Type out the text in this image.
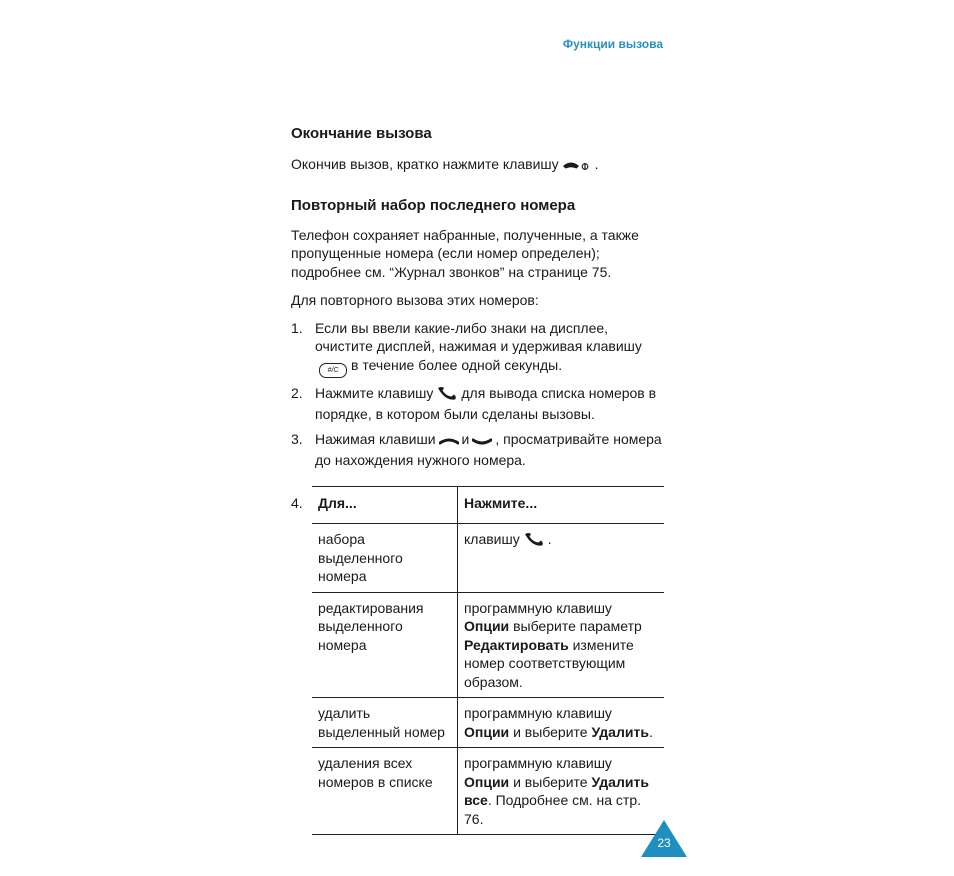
Функции вызова
Окончание вызова

Окончив вызов, кратко нажмите клавишу	.

Повторный набор последнего номера

Телефон сохраняет набранные, полученные, а также пропущенные номера (если номер определен); подробнее см. “Журнал звонков” на странице 75.

Для повторного вызова этих номеров:

1. Если вы ввели какие-либо знаки на дисплее, очистите дисплей, нажимая и удерживая клавишу#/C в течение более одной секунды.
2. Нажмите клавишу для вывода списка номеров в порядке, в котором были сделаны вызовы.
3. Нажимая клавиши и , просматривайте номера до нахождения нужного номера.
4. Для...	Нажмите...
набора выделенного номера	клавишу .
редактирования выделенного номера	программную клавишу Опции выберите параметр Редактировать измените номер соответствующим образом.
удалить выделенный номер	программную клавишу Опции и выберите Удалить.
удаления всех номеров в списке	программную клавишу Опции и выберите Удалить все. Подробнее см. на стр. 76.
23
